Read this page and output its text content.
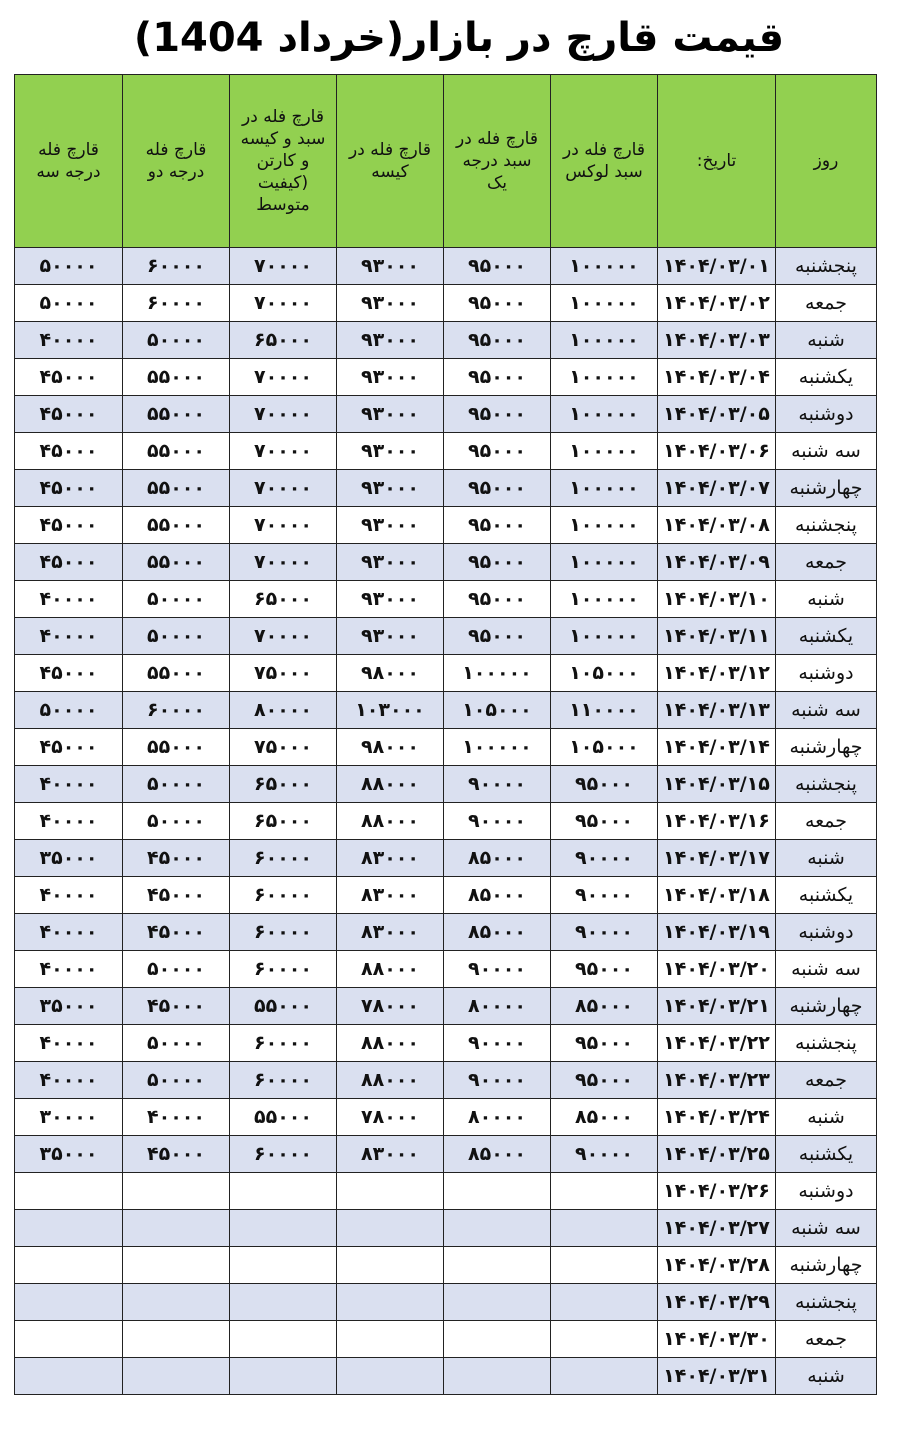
قیمت قارچ در بازار(خرداد 1404)
روز	تاریخ:	قارچ فله در سبد لوکس	قارچ فله در سبد درجه یک	قارچ فله در کیسه	قارچ فله در سبد و کیسه و کارتن (کیفیت متوسط	قارچ فله درجه دو	قارچ فله درجه سه

پنجشنبه	۱۴۰۴/۰۳/۰۱	۱۰۰۰۰۰	۹۵۰۰۰	۹۳۰۰۰	۷۰۰۰۰	۶۰۰۰۰	۵۰۰۰۰
جمعه	۱۴۰۴/۰۳/۰۲	۱۰۰۰۰۰	۹۵۰۰۰	۹۳۰۰۰	۷۰۰۰۰	۶۰۰۰۰	۵۰۰۰۰
شنبه	۱۴۰۴/۰۳/۰۳	۱۰۰۰۰۰	۹۵۰۰۰	۹۳۰۰۰	۶۵۰۰۰	۵۰۰۰۰	۴۰۰۰۰
یکشنبه	۱۴۰۴/۰۳/۰۴	۱۰۰۰۰۰	۹۵۰۰۰	۹۳۰۰۰	۷۰۰۰۰	۵۵۰۰۰	۴۵۰۰۰
دوشنبه	۱۴۰۴/۰۳/۰۵	۱۰۰۰۰۰	۹۵۰۰۰	۹۳۰۰۰	۷۰۰۰۰	۵۵۰۰۰	۴۵۰۰۰
سه شنبه	۱۴۰۴/۰۳/۰۶	۱۰۰۰۰۰	۹۵۰۰۰	۹۳۰۰۰	۷۰۰۰۰	۵۵۰۰۰	۴۵۰۰۰
چهارشنبه	۱۴۰۴/۰۳/۰۷	۱۰۰۰۰۰	۹۵۰۰۰	۹۳۰۰۰	۷۰۰۰۰	۵۵۰۰۰	۴۵۰۰۰
پنجشنبه	۱۴۰۴/۰۳/۰۸	۱۰۰۰۰۰	۹۵۰۰۰	۹۳۰۰۰	۷۰۰۰۰	۵۵۰۰۰	۴۵۰۰۰
جمعه	۱۴۰۴/۰۳/۰۹	۱۰۰۰۰۰	۹۵۰۰۰	۹۳۰۰۰	۷۰۰۰۰	۵۵۰۰۰	۴۵۰۰۰
شنبه	۱۴۰۴/۰۳/۱۰	۱۰۰۰۰۰	۹۵۰۰۰	۹۳۰۰۰	۶۵۰۰۰	۵۰۰۰۰	۴۰۰۰۰
یکشنبه	۱۴۰۴/۰۳/۱۱	۱۰۰۰۰۰	۹۵۰۰۰	۹۳۰۰۰	۷۰۰۰۰	۵۰۰۰۰	۴۰۰۰۰
دوشنبه	۱۴۰۴/۰۳/۱۲	۱۰۵۰۰۰	۱۰۰۰۰۰	۹۸۰۰۰	۷۵۰۰۰	۵۵۰۰۰	۴۵۰۰۰
سه شنبه	۱۴۰۴/۰۳/۱۳	۱۱۰۰۰۰	۱۰۵۰۰۰	۱۰۳۰۰۰	۸۰۰۰۰	۶۰۰۰۰	۵۰۰۰۰
چهارشنبه	۱۴۰۴/۰۳/۱۴	۱۰۵۰۰۰	۱۰۰۰۰۰	۹۸۰۰۰	۷۵۰۰۰	۵۵۰۰۰	۴۵۰۰۰
پنجشنبه	۱۴۰۴/۰۳/۱۵	۹۵۰۰۰	۹۰۰۰۰	۸۸۰۰۰	۶۵۰۰۰	۵۰۰۰۰	۴۰۰۰۰
جمعه	۱۴۰۴/۰۳/۱۶	۹۵۰۰۰	۹۰۰۰۰	۸۸۰۰۰	۶۵۰۰۰	۵۰۰۰۰	۴۰۰۰۰
شنبه	۱۴۰۴/۰۳/۱۷	۹۰۰۰۰	۸۵۰۰۰	۸۳۰۰۰	۶۰۰۰۰	۴۵۰۰۰	۳۵۰۰۰
یکشنبه	۱۴۰۴/۰۳/۱۸	۹۰۰۰۰	۸۵۰۰۰	۸۳۰۰۰	۶۰۰۰۰	۴۵۰۰۰	۴۰۰۰۰
دوشنبه	۱۴۰۴/۰۳/۱۹	۹۰۰۰۰	۸۵۰۰۰	۸۳۰۰۰	۶۰۰۰۰	۴۵۰۰۰	۴۰۰۰۰
سه شنبه	۱۴۰۴/۰۳/۲۰	۹۵۰۰۰	۹۰۰۰۰	۸۸۰۰۰	۶۰۰۰۰	۵۰۰۰۰	۴۰۰۰۰
چهارشنبه	۱۴۰۴/۰۳/۲۱	۸۵۰۰۰	۸۰۰۰۰	۷۸۰۰۰	۵۵۰۰۰	۴۵۰۰۰	۳۵۰۰۰
پنجشنبه	۱۴۰۴/۰۳/۲۲	۹۵۰۰۰	۹۰۰۰۰	۸۸۰۰۰	۶۰۰۰۰	۵۰۰۰۰	۴۰۰۰۰
جمعه	۱۴۰۴/۰۳/۲۳	۹۵۰۰۰	۹۰۰۰۰	۸۸۰۰۰	۶۰۰۰۰	۵۰۰۰۰	۴۰۰۰۰
شنبه	۱۴۰۴/۰۳/۲۴	۸۵۰۰۰	۸۰۰۰۰	۷۸۰۰۰	۵۵۰۰۰	۴۰۰۰۰	۳۰۰۰۰
یکشنبه	۱۴۰۴/۰۳/۲۵	۹۰۰۰۰	۸۵۰۰۰	۸۳۰۰۰	۶۰۰۰۰	۴۵۰۰۰	۳۵۰۰۰
دوشنبه	۱۴۰۴/۰۳/۲۶						
سه شنبه	۱۴۰۴/۰۳/۲۷						
چهارشنبه	۱۴۰۴/۰۳/۲۸						
پنجشنبه	۱۴۰۴/۰۳/۲۹						
جمعه	۱۴۰۴/۰۳/۳۰						
شنبه	۱۴۰۴/۰۳/۳۱						
